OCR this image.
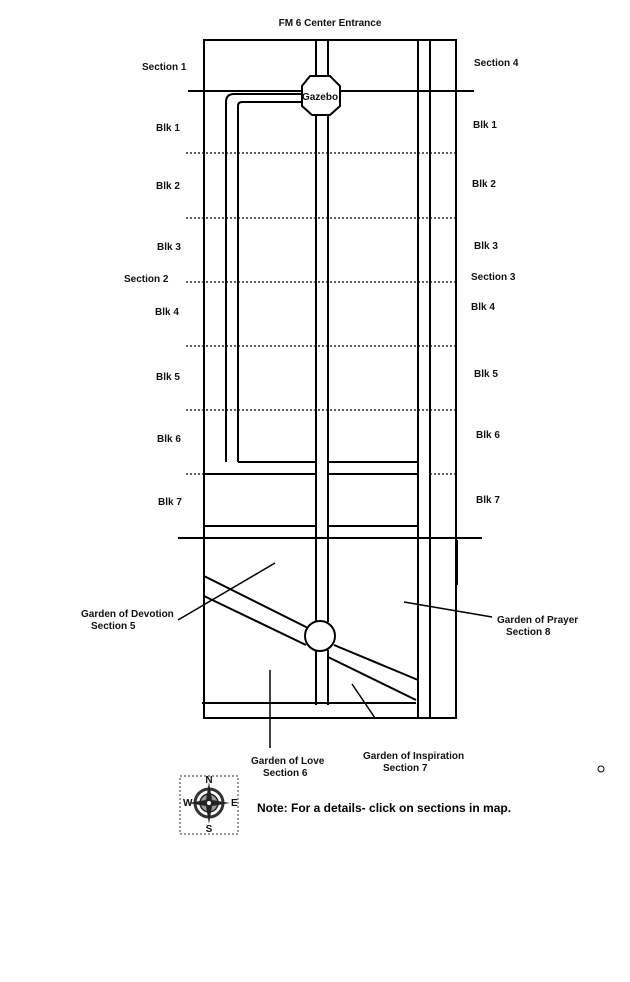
FM 6 Center Entrance
Gazebo
Section 1
Blk 1
Blk 2
Blk 3
Section 2
Blk 4
Blk 5
Blk 6
Blk 7
Section 4
Blk 1
Blk 2
Blk 3
Section 3
Blk 4
Blk 5
Blk 6
Blk 7
Garden of Devotion
Section 5
Garden of Prayer
Section 8
Garden of Love
Section 6
Garden of Inspiration
Section 7
N
S
W	E Note: For a details- click on sections in map.
